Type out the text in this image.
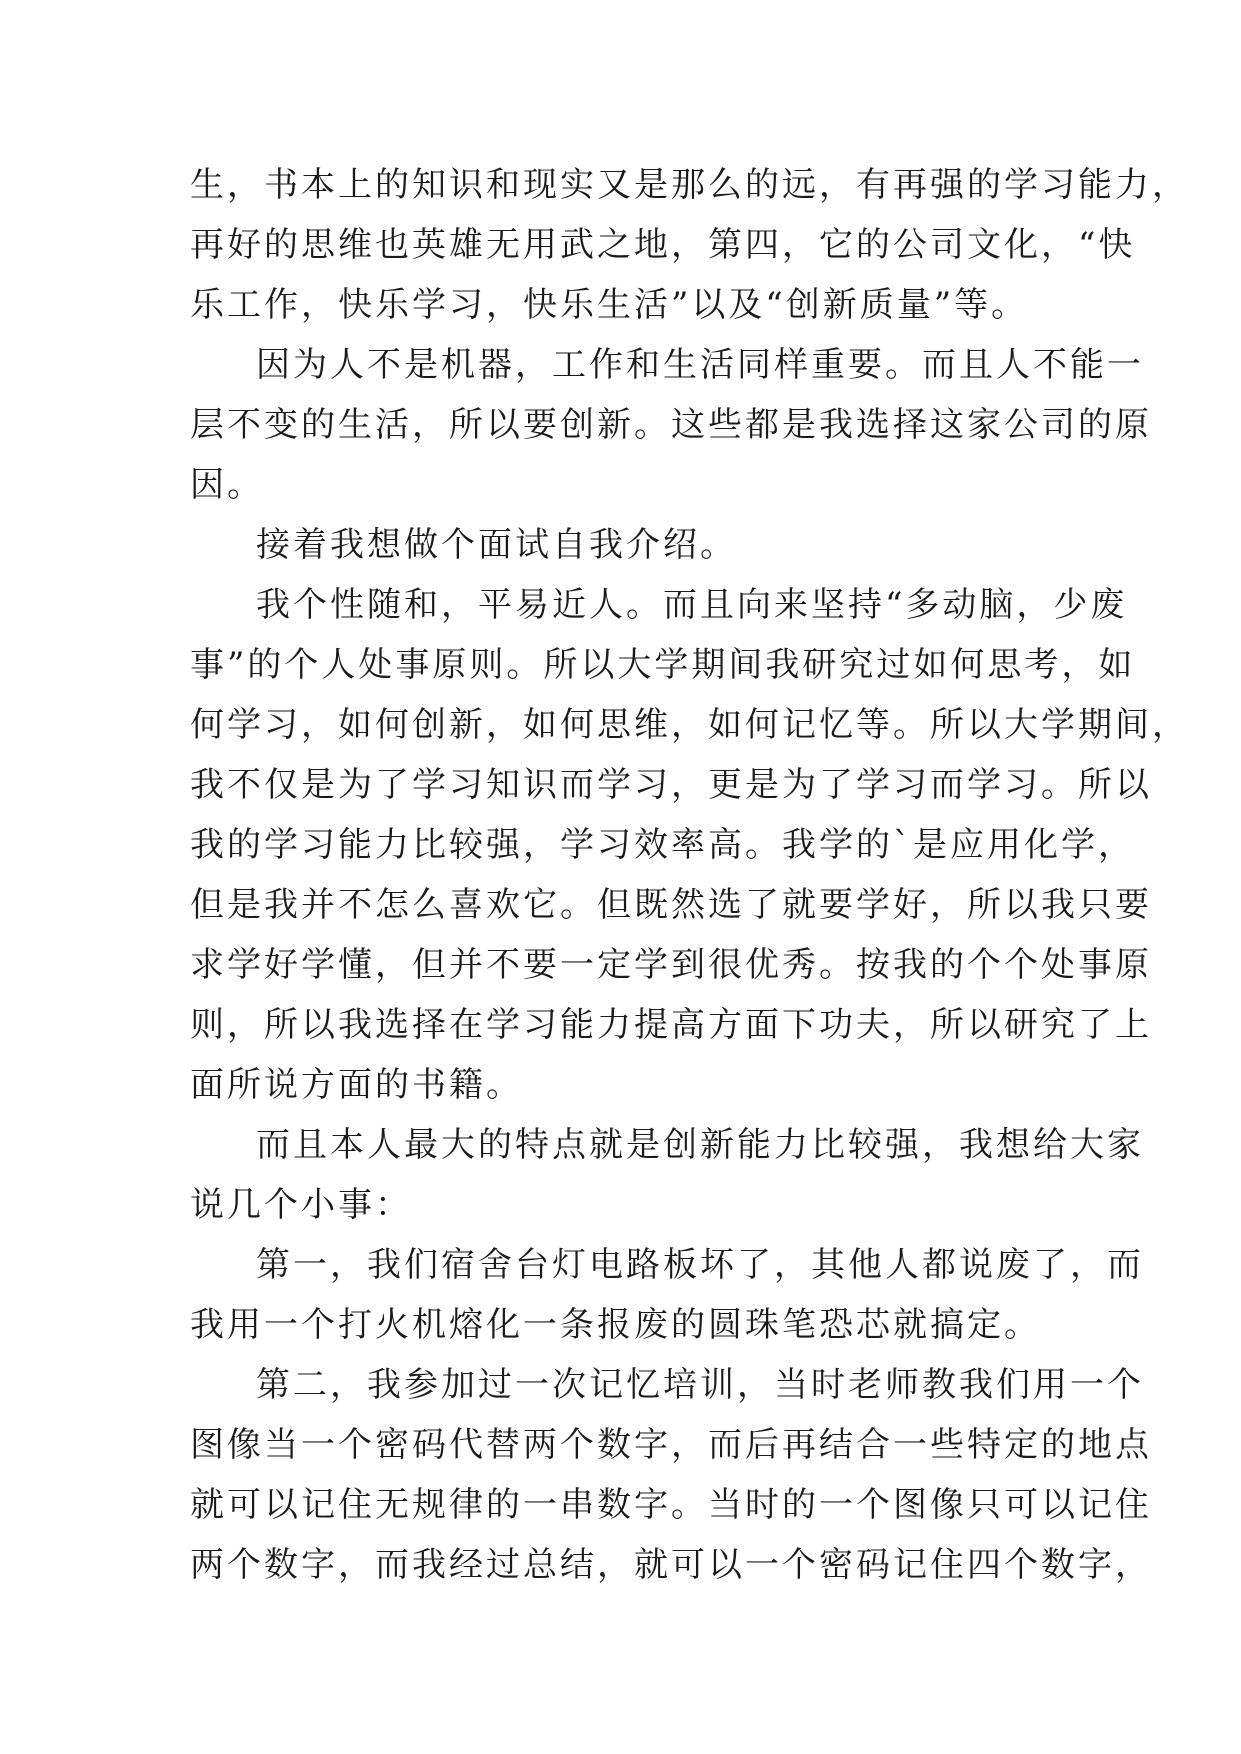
生，书本上的知识和现实又是那么的远，有再强的学习能力，
再好的思维也英雄无用武之地，第四，它的公司文化，“快
乐工作，快乐学习，快乐生活”以及“创新质量”等。
因为人不是机器，工作和生活同样重要。而且人不能一
层不变的生活，所以要创新。这些都是我选择这家公司的原
因。
接着我想做个面试自我介绍。
我个性随和，平易近人。而且向来坚持“多动脑，少废
事”的个人处事原则。所以大学期间我研究过如何思考，如
何学习，如何创新，如何思维，如何记忆等。所以大学期间，
我不仅是为了学习知识而学习，更是为了学习而学习。所以
我的学习能力比较强，学习效率高。我学的`是应用化学，
但是我并不怎么喜欢它。但既然选了就要学好，所以我只要
求学好学懂，但并不要一定学到很优秀。按我的个个处事原
则，所以我选择在学习能力提高方面下功夫，所以研究了上
面所说方面的书籍。
而且本人最大的特点就是创新能力比较强，我想给大家
说几个小事：
第一，我们宿舍台灯电路板坏了，其他人都说废了，而
我用一个打火机熔化一条报废的圆珠笔恐芯就搞定。
第二，我参加过一次记忆培训，当时老师教我们用一个
图像当一个密码代替两个数字，而后再结合一些特定的地点
就可以记住无规律的一串数字。当时的一个图像只可以记住
两个数字，而我经过总结，就可以一个密码记住四个数字，
